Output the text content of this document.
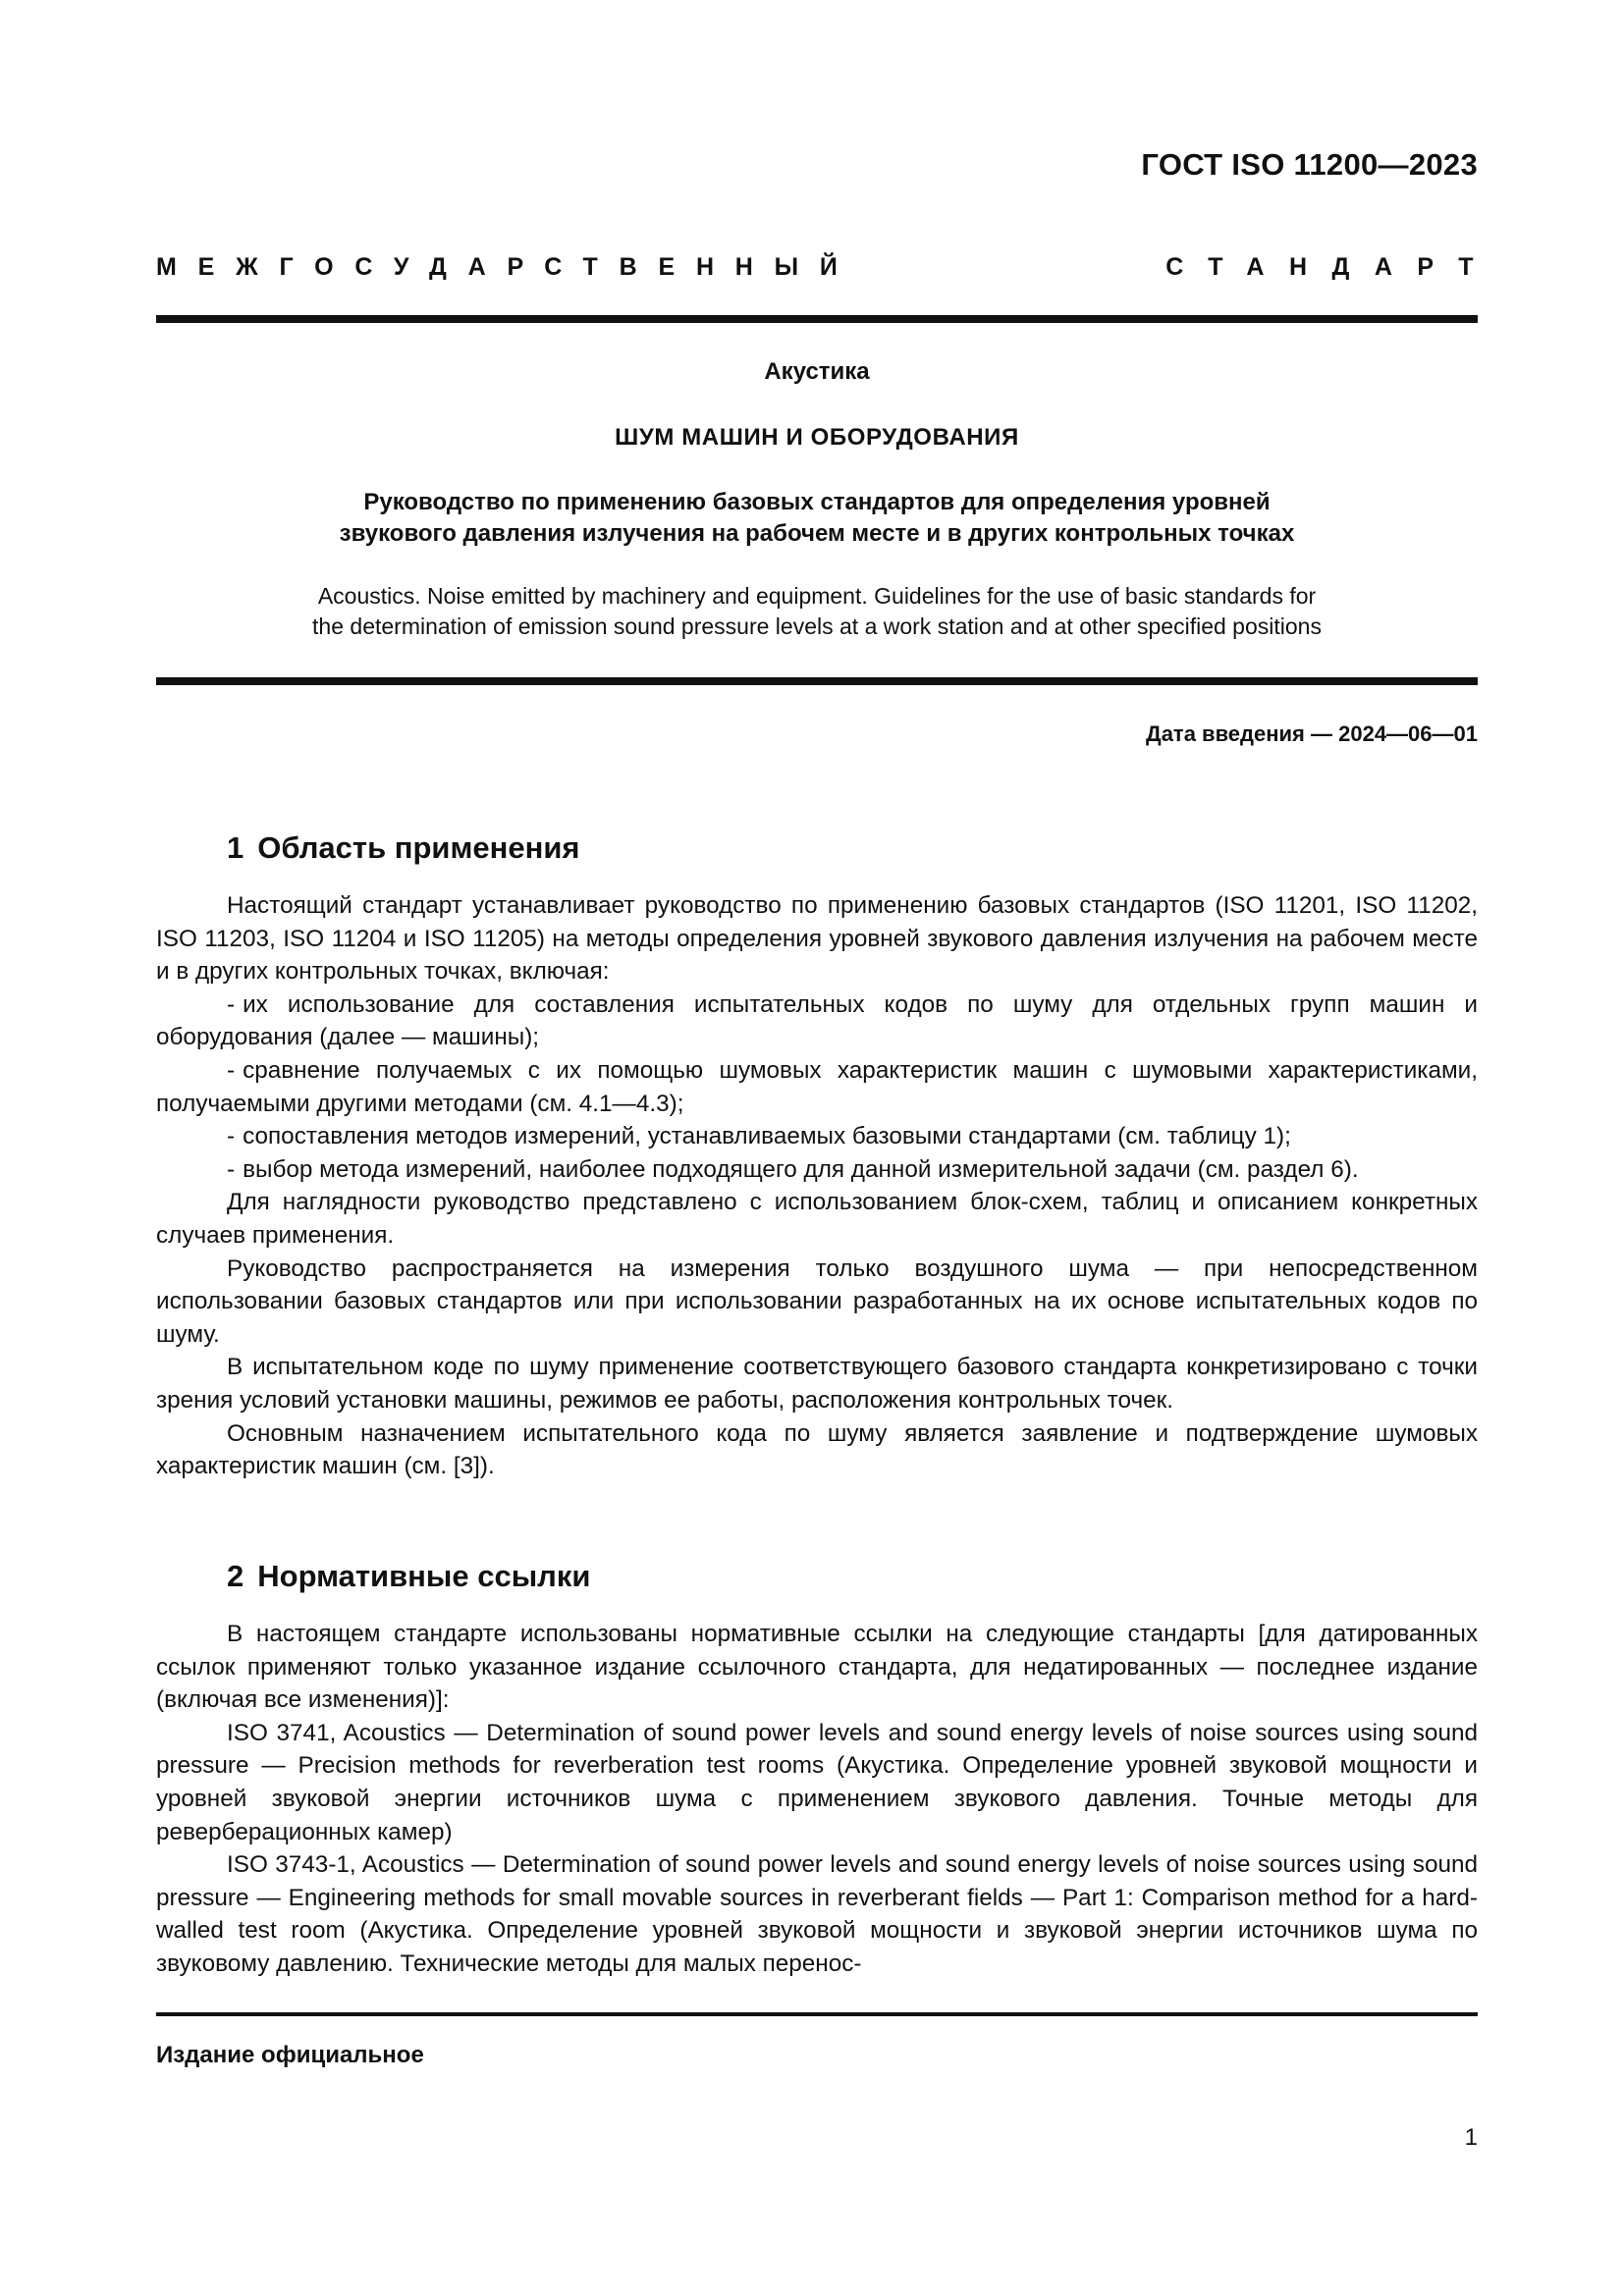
ГОСТ ISO 11200—2023
МЕЖГОСУДАРСТВЕННЫЙ	СТАНДАРТ
Акустика
ШУМ МАШИН И ОБОРУДОВАНИЯ
Руководство по применению базовых стандартов для определения уровней
звукового давления излучения на рабочем месте и в других контрольных точках
Acoustics. Noise emitted by machinery and equipment. Guidelines for the use of basic standards for
the determination of emission sound pressure levels at a work station and at other specified positions
Дата введения — 2024—06—01
1 Область применения

Настоящий стандарт устанавливает руководство по применению базовых стандартов (ISO 11201, ISO 11202, ISO 11203, ISO 11204 и ISO 11205) на методы определения уровней звукового давления излучения на рабочем месте и в других контрольных точках, включая:

- их использование для составления испытательных кодов по шуму для отдельных групп машин и оборудования (далее — машины);

- сравнение получаемых с их помощью шумовых характеристик машин с шумовыми характеристиками, получаемыми другими методами (см. 4.1—4.3);

- сопоставления методов измерений, устанавливаемых базовыми стандартами (см. таблицу 1);

- выбор метода измерений, наиболее подходящего для данной измерительной задачи (см. раздел 6).

Для наглядности руководство представлено с использованием блок-схем, таблиц и описанием конкретных случаев применения.

Руководство распространяется на измерения только воздушного шума — при непосредственном использовании базовых стандартов или при использовании разработанных на их основе испытательных кодов по шуму.

В испытательном коде по шуму применение соответствующего базового стандарта конкретизировано с точки зрения условий установки машины, режимов ее работы, расположения контрольных точек.

Основным назначением испытательного кода по шуму является заявление и подтверждение шумовых характеристик машин (см. [3]).

2 Нормативные ссылки

В настоящем стандарте использованы нормативные ссылки на следующие стандарты [для датированных ссылок применяют только указанное издание ссылочного стандарта, для недатированных — последнее издание (включая все изменения)]:

ISO 3741, Acoustics — Determination of sound power levels and sound energy levels of noise sources using sound pressure — Precision methods for reverberation test rooms (Акустика. Определение уровней звуковой мощности и уровней звуковой энергии источников шума с применением звукового давления. Точные методы для реверберационных камер)

ISO 3743-1, Acoustics — Determination of sound power levels and sound energy levels of noise sources using sound pressure — Engineering methods for small movable sources in reverberant fields — Part 1: Comparison method for a hard-walled test room (Акустика. Определение уровней звуковой мощности и звуковой энергии источников шума по звуковому давлению. Технические методы для малых перенос-

Издание официальное
1
